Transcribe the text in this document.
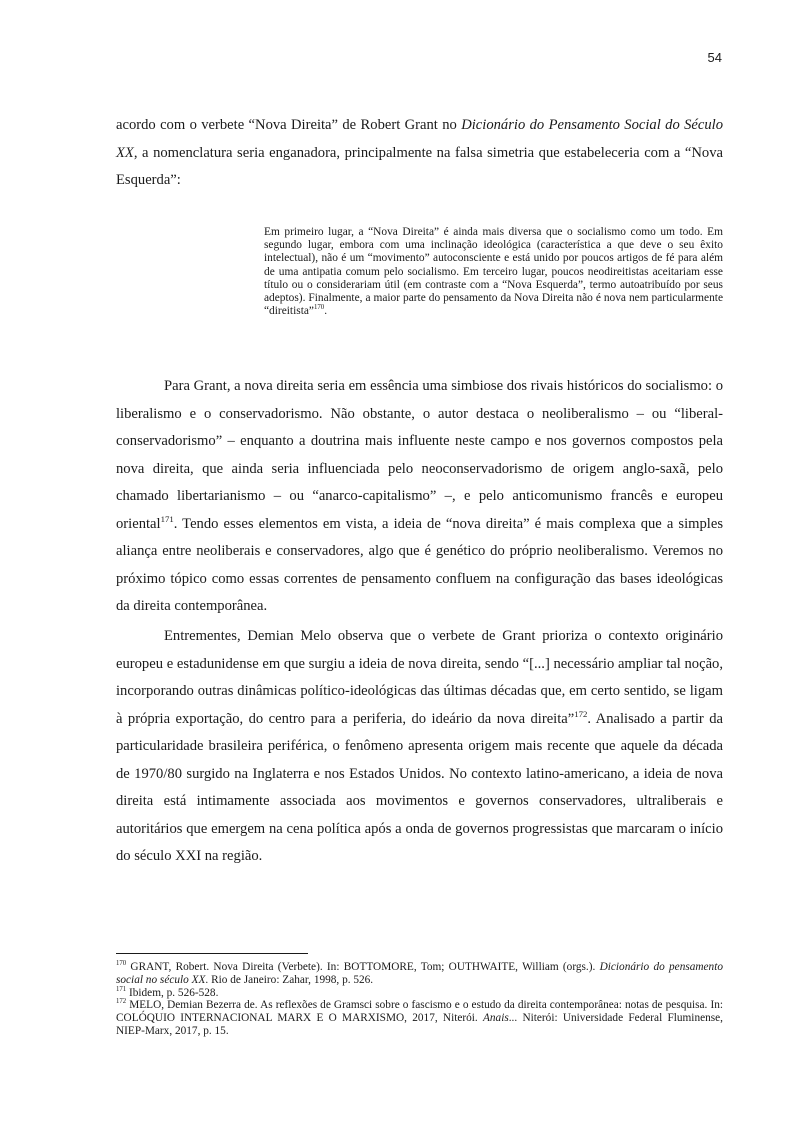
54

acordo com o verbete “Nova Direita” de Robert Grant no Dicionário do Pensamento Social do Século XX, a nomenclatura seria enganadora, principalmente na falsa simetria que estabeleceria com a “Nova Esquerda”:

Em primeiro lugar, a “Nova Direita” é ainda mais diversa que o socialismo como um todo. Em segundo lugar, embora com uma inclinação ideológica (característica a que deve o seu êxito intelectual), não é um “movimento” autoconsciente e está unido por poucos artigos de fé para além de uma antipatia comum pelo socialismo. Em terceiro lugar, poucos neodireitistas aceitariam esse título ou o considerariam útil (em contraste com a “Nova Esquerda”, termo autoatribuído por seus adeptos). Finalmente, a maior parte do pensamento da Nova Direita não é nova nem particularmente “direitista”$^{170}$.

Para Grant, a nova direita seria em essência uma simbiose dos rivais históricos do socialismo: o liberalismo e o conservadorismo. Não obstante, o autor destaca o neoliberalismo – ou “liberal-conservadorismo” – enquanto a doutrina mais influente neste campo e nos governos compostos pela nova direita, que ainda seria influenciada pelo neoconservadorismo de origem anglo-saxã, pelo chamado libertarianismo – ou “anarco-capitalismo” –, e pelo anticomunismo francês e europeu oriental$^{171}$. Tendo esses elementos em vista, a ideia de “nova direita” é mais complexa que a simples aliança entre neoliberais e conservadores, algo que é genético do próprio neoliberalismo. Veremos no próximo tópico como essas correntes de pensamento confluem na configuração das bases ideológicas da direita contemporânea.

Entrementes, Demian Melo observa que o verbete de Grant prioriza o contexto originário europeu e estadunidense em que surgiu a ideia de nova direita, sendo “[...] necessário ampliar tal noção, incorporando outras dinâmicas político-ideológicas das últimas décadas que, em certo sentido, se ligam à própria exportação, do centro para a periferia, do ideário da nova direita”$^{172}$. Analisado a partir da particularidade brasileira periférica, o fenômeno apresenta origem mais recente que aquele da década de 1970/80 surgido na Inglaterra e nos Estados Unidos. No contexto latino-americano, a ideia de nova direita está intimamente associada aos movimentos e governos conservadores, ultraliberais e autoritários que emergem na cena política após a onda de governos progressistas que marcaram o início do século XXI na região.

$^{170}$ GRANT, Robert. Nova Direita (Verbete). In: BOTTOMORE, Tom; OUTHWAITE, William (orgs.). Dicionário do pensamento social no século XX. Rio de Janeiro: Zahar, 1998, p. 526.

$^{171}$ Ibidem, p. 526-528.

$^{172}$ MELO, Demian Bezerra de. As reflexões de Gramsci sobre o fascismo e o estudo da direita contemporânea: notas de pesquisa. In: COLÓQUIO INTERNACIONAL MARX E O MARXISMO, 2017, Niterói. Anais... Niterói: Universidade Federal Fluminense, NIEP-Marx, 2017, p. 15.
